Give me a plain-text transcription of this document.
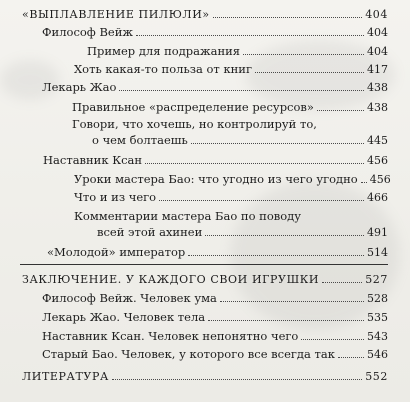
«ВЫПЛАВЛЕНИЕ ПИЛЮЛИ»	404
Философ Вейж	404
Пример для подражания	404
Хоть какая-то польза от книг	417
Лекарь Жао	438
Правильное «распределение ресурсов»	438
Говори, что хочешь, но контролируй то,
о чем болтаешь	445
Наставник Ксан	456
Уроки мастера Бао: что угодно из чего угодно 456
Что и из чего	466
Комментарии мастера Бао по поводу
всей этой ахинеи	491
«Молодой» император	514
ЗАКЛЮЧЕНИЕ. У КАЖДОГО СВОИ ИГРУШКИ	527
Философ Вейж. Человек ума	528
Лекарь Жао. Человек тела	535
Наставник Ксан. Человек непонятно чего	543
Старый Бао. Человек, у которого все всегда так	546
ЛИТЕРАТУРА	552
